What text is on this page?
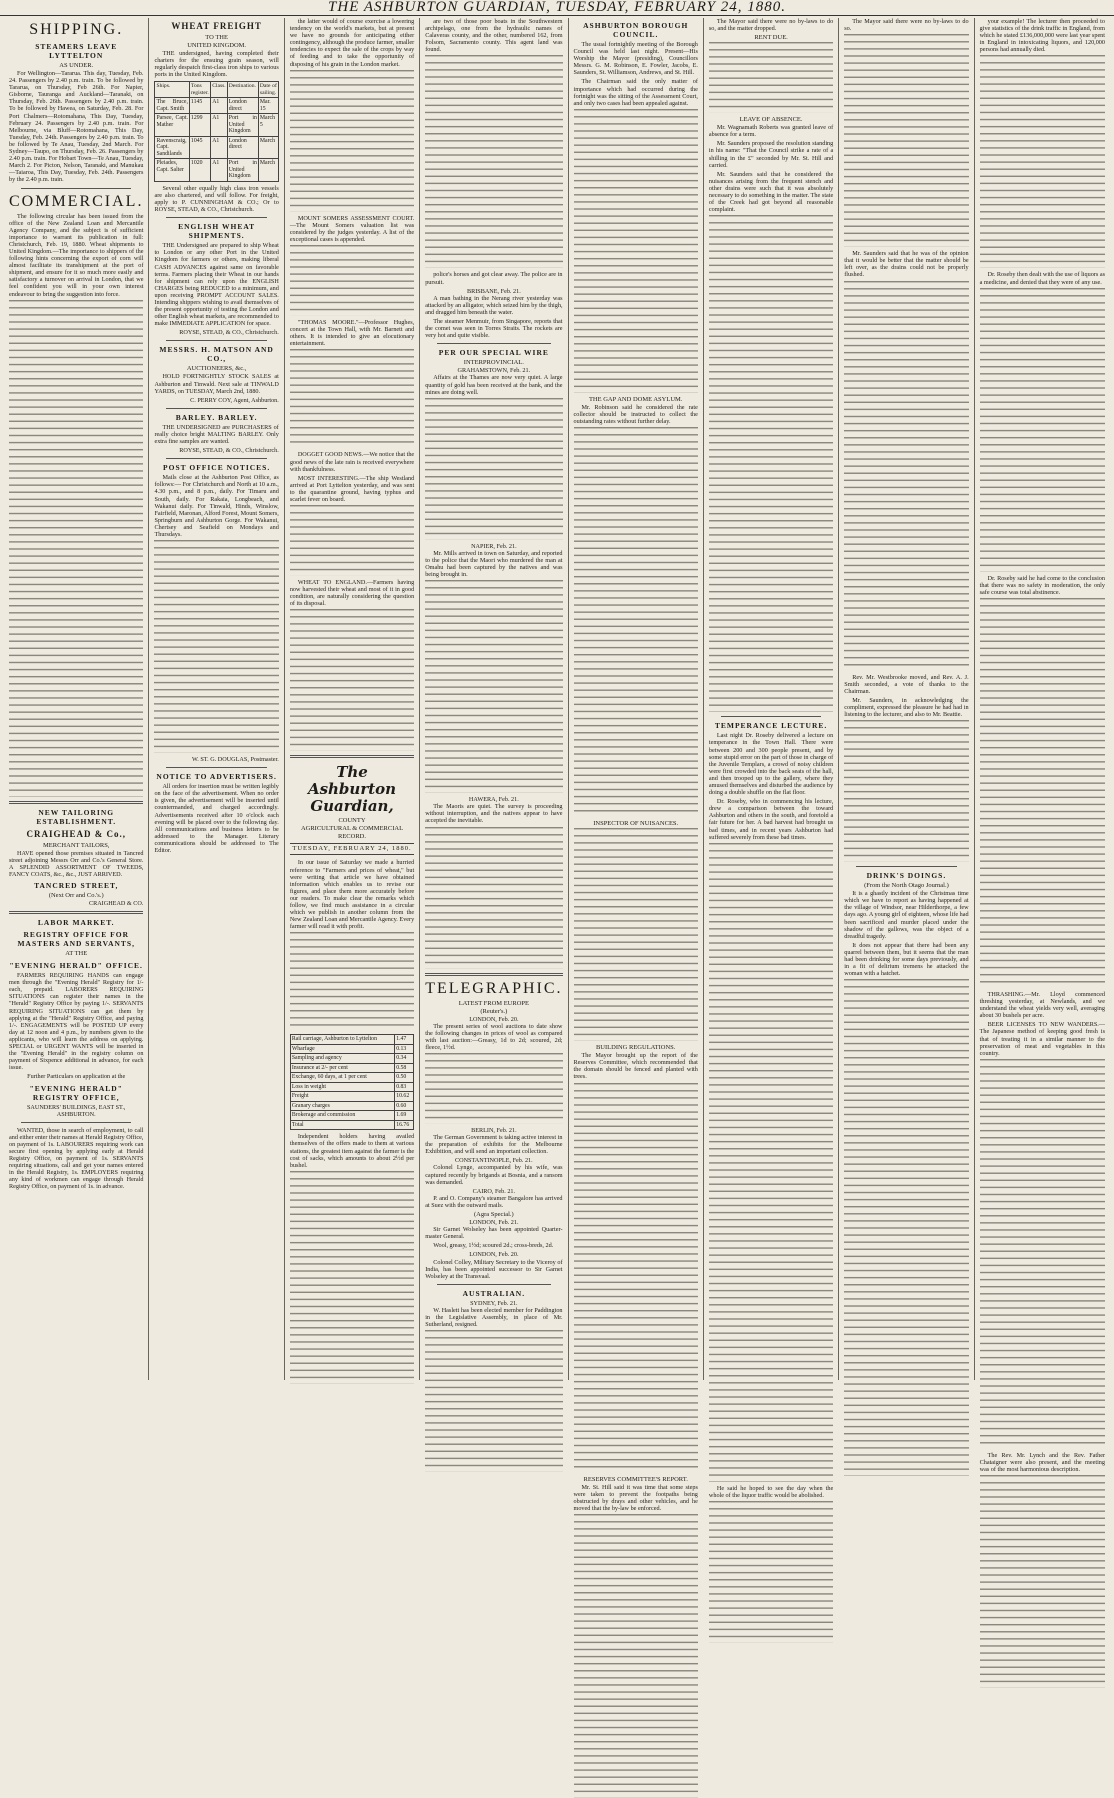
THE ASHBURTON GUARDIAN, TUESDAY, FEBRUARY 24, 1880.
SHIPPING.
STEAMERS LEAVE LYTTELTON
AS UNDER.
For Wellington—Tararua. This day, Tuesday, Feb. 24. Passengers by 2.40 p.m. train. To be followed by Tararua, on Thursday, Feb 26th. For Napier, Gisborne, Tauranga and Auckland—Taranaki, on Thursday, Feb. 26th. Passengers by 2.40 p.m. train. To be followed by Hawea, on Saturday, Feb. 28. For Port Chalmers—Rotomahana, This Day, Tuesday, February 24. Passengers by 2.40 p.m. train. For Melbourne, via Bluff—Rotomahana, This Day, Tuesday, Feb. 24th. Passengers by 2.40 p.m. train. To be followed by Te Anau, Tuesday, 2nd March. For Sydney—Taupo, on Thursday, Feb. 26. Passengers by 2.40 p.m. train. For Hobart Town—Te Anau, Tuesday, March 2. For Picton, Nelson, Taranaki, and Manukau—Taiaroa, This Day, Tuesday, Feb. 24th. Passengers by the 2.40 p.m. train.
COMMERCIAL.
The following circular has been issued from the office of the New Zealand Loan and Mercantile Agency Company, and the subject is of sufficient importance to warrant its publication in full: Christchurch, Feb. 19, 1880. Wheat shipments to United Kingdom.—The importance to shippers of the following hints concerning the export of corn will almost facilitate its transhipment at the port of shipment, and ensure for it so much more easily and satisfactory a turnover on arrival in London, that we feel confident you will in your own interest endeavour to bring the suggestion into force.
NEW TAILORING ESTABLISHMENT.
CRAIGHEAD & Co.,
MERCHANT TAILORS,
HAVE opened those premises situated in Tancred street adjoining Messrs Orr and Co.'s General Store. A SPLENDID ASSORTMENT OF TWEEDS, FANCY COATS, &c., &c., JUST ARRIVED.
TANCRED STREET,
(Next Orr and Co.'s.)
CRAIGHEAD & CO.
LABOR MARKET.
REGISTRY OFFICE FOR MASTERS AND SERVANTS,
AT THE
"EVENING HERALD" OFFICE.
FARMERS REQUIRING HANDS can engage men through the "Evening Herald" Registry for 1/- each, prepaid. LABORERS REQUIRING SITUATIONS can register their names in the "Herald" Registry Office by paying 1/-. SERVANTS REQUIRING SITUATIONS can get them by applying at the "Herald" Registry Office, and paying 1/-. ENGAGEMENTS will be POSTED UP every day at 12 noon and 4 p.m., by numbers given to the applicants, who will learn the address on applying. SPECIAL or URGENT WANTS will be inserted in the "Evening Herald" in the registry column on payment of Sixpence additional in advance, for each issue.
Further Particulars on application at the
"EVENING HERALD" REGISTRY OFFICE,
SAUNDERS' BUILDINGS, EAST ST., ASHBURTON.
WANTED, those in search of employment, to call and either enter their names at Herald Registry Office, on payment of 1s. LABOURERS requiring work can secure first opening by applying early at Herald Registry Office, on payment of 1s. SERVANTS requiring situations, call and get your names entered in the Herald Registry, 1s. EMPLOYERS requiring any kind of workmen can engage through Herald Registry Office, on payment of 1s. in advance.
WHEAT FREIGHT
TO THE
UNITED KINGDOM.
THE undersigned, having completed their charters for the ensuing grain season, will regularly despatch first-class iron ships to various ports in the United Kingdom.
Ships.	Tons register.	Class.	Destination.	Date of sailing.
The Bruce, Capt. Smith	1145	A1	London direct	Mar. 15
Parsee, Capt. Mather	1299	A1	Port in United Kingdom	March 5
Ravenscraig, Capt. Sandilands	1045	A1	London direct	March
Pleiades, Capt. Salter	1020	A1	Port in United Kingdom	March
Several other equally high class iron vessels are also chartered, and will follow. For freight, apply to P. CUNNINGHAM & CO.; Or to ROYSE, STEAD, & CO., Christchurch.
ENGLISH WHEAT SHIPMENTS.
THE Undersigned are prepared to ship Wheat to London or any other Port in the United Kingdom for farmers or others, making liberal CASH ADVANCES against same on favorable terms. Farmers placing their Wheat in our hands for shipment can rely upon the ENGLISH CHARGES being REDUCED to a minimum, and upon receiving PROMPT ACCOUNT SALES. Intending shippers wishing to avail themselves of the present opportunity of testing the London and other English wheat markets, are recommended to make IMMEDIATE APPLICATION for space.
ROYSE, STEAD, & CO., Christchurch.
MESSRS. H. MATSON AND CO.,
AUCTIONEERS, &c.,
HOLD FORTNIGHTLY STOCK SALES at Ashburton and Tinwald. Next sale at TINWALD YARDS, on TUESDAY, March 2nd, 1880.
C. PERRY COY, Agent, Ashburton.
BARLEY. BARLEY.
THE UNDERSIGNED are PURCHASERS of really choice bright MALTING BARLEY. Only extra fine samples are wanted.
ROYSE, STEAD, & CO., Christchurch.
POST OFFICE NOTICES.
Mails close at the Ashburton Post Office, as follows:— For Christchurch and North at 10 a.m., 4.30 p.m., and 8 p.m., daily. For Timaru and South, daily. For Rakaia, Longbeach, and Wakanui daily. For Tinwald, Hinds, Winslow, Fairfield, Maronan, Alford Forest, Mount Somers, Springburn and Ashburton Gorge. For Wakanui, Chertsey and Seafield on Mondays and Thursdays.
W. ST. G. DOUGLAS, Postmaster.
NOTICE TO ADVERTISERS.
All orders for insertion must be written legibly on the face of the advertisement. When no order is given, the advertisement will be inserted until countermanded, and charged accordingly. Advertisements received after 10 o'clock each evening will be placed over to the following day. All communications and business letters to be addressed to the Manager. Literary communications should be addressed to The Editor.
the latter would of course exercise a lowering tendency on the world's markets, but at present we have no grounds for anticipating either contingency, although the produce farmer, smaller tendencies to expect the sale of the crops by way of feeding and to take the opportunity of disposing of his grain in the London market.
MOUNT SOMERS ASSESSMENT COURT.—The Mount Somers valuation list was considered by the judges yesterday. A list of the exceptional cases is appended.
"THOMAS MOORE."—Professor Hughes, concert at the Town Hall, with Mr. Barnett and others. It is intended to give an elocutionary entertainment.
DOGGET GOOD NEWS.—We notice that the good news of the late rain is received everywhere with thankfulness.
MOST INTERESTING.—The ship Westland arrived at Port Lyttelton yesterday, and was sent to the quarantine ground, having typhus and scarlet fever on board.
WHEAT TO ENGLAND.—Farmers having now harvested their wheat and most of it in good condition, are naturally considering the question of its disposal.
The Ashburton Guardian,
COUNTY
AGRICULTURAL & COMMERCIAL RECORD.
TUESDAY, FEBRUARY 24, 1880.
In our issue of Saturday we made a hurried reference to "Farmers and prices of wheat," but were writing that article we have obtained information which enables us to revise our figures, and place them more accurately before our readers. To make clear the remarks which follow, we find much assistance in a circular which we publish in another column from the New Zealand Loan and Mercantile Agency. Every farmer will read it with profit.
Rail carriage, Ashburton to Lyttelton	1.47
Wharfage	0.13
Sampling and agency	0.34
Insurance at 2/- per cent	0.58
Exchange, 60 days, at 1 per cent	0.50
Loss in weight	0.83
Freight	10.62
Granary charges	0.60
Brokerage and commission	1.69
Total	16.76
Independent holders having availed themselves of the offers made to them at various stations, the greatest item against the farmer is the cost of sacks, which amounts to about 2½d per bushel.
are two of those poor boats in the Southwestern archipelago, one from the hydraulic names of Calaveras county, and the other, numbered 162, from Folsom, Sacramento county. This agent land was found.
police's horses and got clear away. The police are in pursuit.
BRISBANE, Feb. 21.
A man bathing in the Nerang river yesterday was attacked by an alligator, which seized him by the thigh, and dragged him beneath the water.
The steamer Menmuir, from Singapore, reports that the comet was seen in Torres Straits. The rockets are very hot and quite visible.
PER OUR SPECIAL WIRE
INTERPROVINCIAL.
GRAHAMSTOWN, Feb. 21.
Affairs at the Thames are now very quiet. A large quantity of gold has been received at the bank, and the mines are doing well.
NAPIER, Feb. 21.
Mr. Mills arrived in town on Saturday, and reported to the police that the Maori who murdered the man at Omahu had been captured by the natives and was being brought in.
HAWERA, Feb. 21.
The Maoris are quiet. The survey is proceeding without interruption, and the natives appear to have accepted the inevitable.
TELEGRAPHIC.
LATEST FROM EUROPE
(Reuter's.)
LONDON, Feb. 20.
The present series of wool auctions to date show the following changes in prices of wool as compared with last auction:—Greasy, 1d to 2d; scoured, 2d; fleece, 1½d.
BERLIN, Feb. 21.
The German Government is taking active interest in the preparation of exhibits for the Melbourne Exhibition, and will send an important collection.
CONSTANTINOPLE, Feb. 21.
Colonel Lynge, accompanied by his wife, was captured recently by brigands at Bosnia, and a ransom was demanded.
CAIRO, Feb. 21.
P. and O. Company's steamer Bangalore has arrived at Suez with the outward mails.
(Agra Special.)
LONDON, Feb. 21.
Sir Garnet Wolseley has been appointed Quarter-master General.
Wool, greasy, 1½d; scoured 2d.; cross-breds, 2d.
LONDON, Feb. 20.
Colonel Colley, Military Secretary to the Viceroy of India, has been appointed successor to Sir Garnet Wolseley at the Transvaal.
AUSTRALIAN.
SYDNEY, Feb. 21.
W. Haslett has been elected member for Paddington in the Legislative Assembly, in place of Mr. Sutherland, resigned.
ASHBURTON BOROUGH COUNCIL.
The usual fortnightly meeting of the Borough Council was held last night. Present—His Worship the Mayor (presiding), Councillors Messrs. G. M. Robinson, E. Fowler, Jacobs, E. Saunders, St. Williamson, Andrews, and St. Hill.
The Chairman said the only matter of importance which had occurred during the fortnight was the sitting of the Assessment Court, and only two cases had been appealed against.
THE GAP AND DOME ASYLUM.
Mr. Robinson said he considered the rate collector should be instructed to collect the outstanding rates without further delay.
INSPECTOR OF NUISANCES.
BUILDING REGULATIONS.
The Mayor brought up the report of the Reserves Committee, which recommended that the domain should be fenced and planted with trees.
RESERVES COMMITTEE'S REPORT.
Mr. St. Hill said it was time that some steps were taken to prevent the footpaths being obstructed by drays and other vehicles, and he moved that the by-law be enforced.
The Mayor said there were no by-laws to do so, and the matter dropped.
RENT DUE.
LEAVE OF ABSENCE.
Mr. Wagnamath Roberts was granted leave of absence for a term.
Mr. Saunders proposed the resolution standing in his name: "That the Council strike a rate of a shilling in the £" seconded by Mr. St. Hill and carried.
Mr. Saunders said that he considered the nuisances arising from the frequent stench and other drains were such that it was absolutely necessary to do something in the matter. The state of the Creek had got beyond all reasonable complaint.
TEMPERANCE LECTURE.
Last night Dr. Roseby delivered a lecture on temperance in the Town Hall. There were between 200 and 300 people present, and by some stupid error on the part of those in charge of the Juvenile Templars, a crowd of noisy children were first crowded into the back seats of the hall, and then trooped up to the gallery, where they amused themselves and disturbed the audience by doing a double shuffle on the flat floor.
Dr. Roseby, who in commencing his lecture, drew a comparison between the toward Ashburton and others in the south, and foretold a fair future for her. A bad harvest had brought us bad times, and in recent years Ashburton had suffered severely from these bad times.
He said he hoped to see the day when the whole of the liquor traffic would be abolished.
The Mayor said there were no by-laws to do so.
Mr. Saunders said that he was of the opinion that it would be better that the matter should be left over, as the drains could not be properly flushed.
Rev. Mr. Westbrooke moved, and Rev. A. J. Smith seconded, a vote of thanks to the Chairman.
Mr. Saunders, in acknowledging the compliment, expressed the pleasure he had had in listening to the lecturer, and also to Mr. Beattie.
DRINK'S DOINGS.
(From the North Otago Journal.)
It is a ghastly incident of the Christmas time which we have to report as having happened at the village of Windsor, near Hilderthorpe, a few days ago. A young girl of eighteen, whose life had been sacrificed and murder placed under the shadow of the gallows, was the object of a dreadful tragedy.
It does not appear that there had been any quarrel between them, but it seems that the man had been drinking for some days previously, and in a fit of delirium tremens he attacked the woman with a hatchet.
your example! The lecturer then proceeded to give statistics of the drink traffic in England, from which he stated £136,000,000 were last year spent in England in intoxicating liquors, and 120,000 persons had annually died.
Dr. Roseby then dealt with the use of liquors as a medicine, and denied that they were of any use.
Dr. Roseby said he had come to the conclusion that there was no safety in moderation, the only safe course was total abstinence.
THRASHING.—Mr. Lloyd commenced threshing yesterday, at Newlands, and we understand the wheat yields very well, averaging about 30 bushels per acre.
BEER LICENSES TO NEW WANDERS.—The Japanese method of keeping good fresh is that of treating it in a similar manner to the preservation of meat and vegetables in this country.
The Rev. Mr. Lynch and the Rev. Father Chataigner were also present, and the meeting was of the most harmonious description.
